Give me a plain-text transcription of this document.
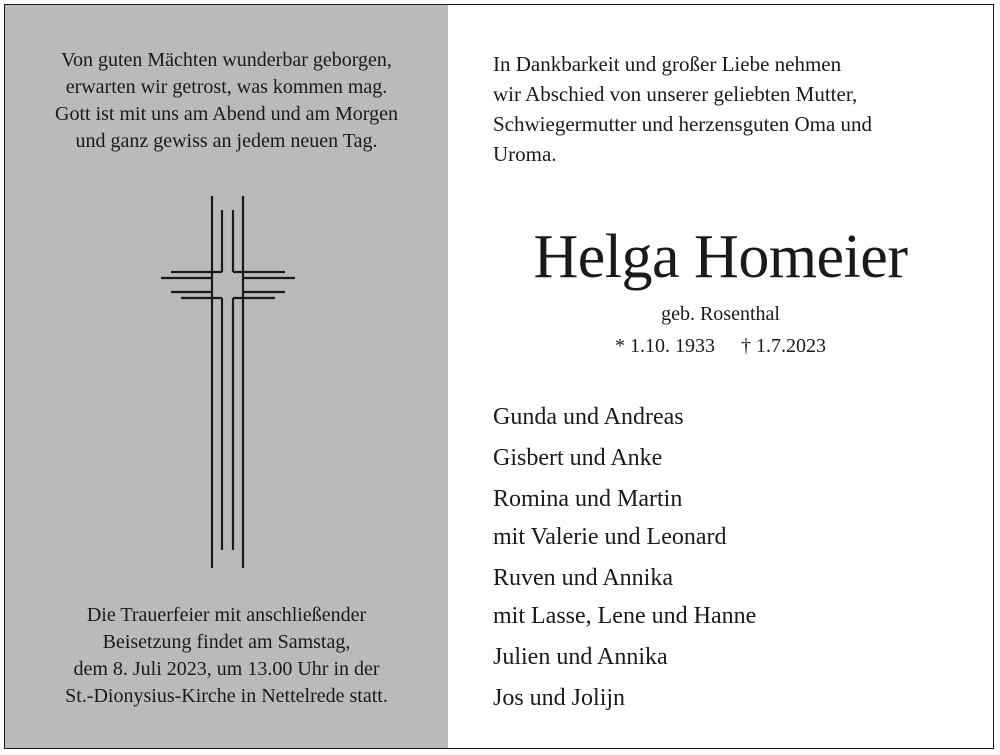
Von guten Mächten wunderbar geborgen,
erwarten wir getrost, was kommen mag.
Gott ist mit uns am Abend und am Morgen
und ganz gewiss an jedem neuen Tag.
Die Trauerfeier mit anschließender
Beisetzung findet am Samstag,
dem 8. Juli 2023, um 13.00 Uhr in der
St.-Dionysius-Kirche in Nettelrede statt.
In Dankbarkeit und großer Liebe nehmen
wir Abschied von unserer geliebten Mutter,
Schwiegermutter und herzensguten Oma und
Uroma.
Helga Homeier
geb. Rosenthal
* 1.10. 1933 † 1.7.2023
Gunda und Andreas
Gisbert und Anke
Romina und Martin
mit Valerie und Leonard
Ruven und Annika
mit Lasse, Lene und Hanne
Julien und Annika
Jos und Jolijn
